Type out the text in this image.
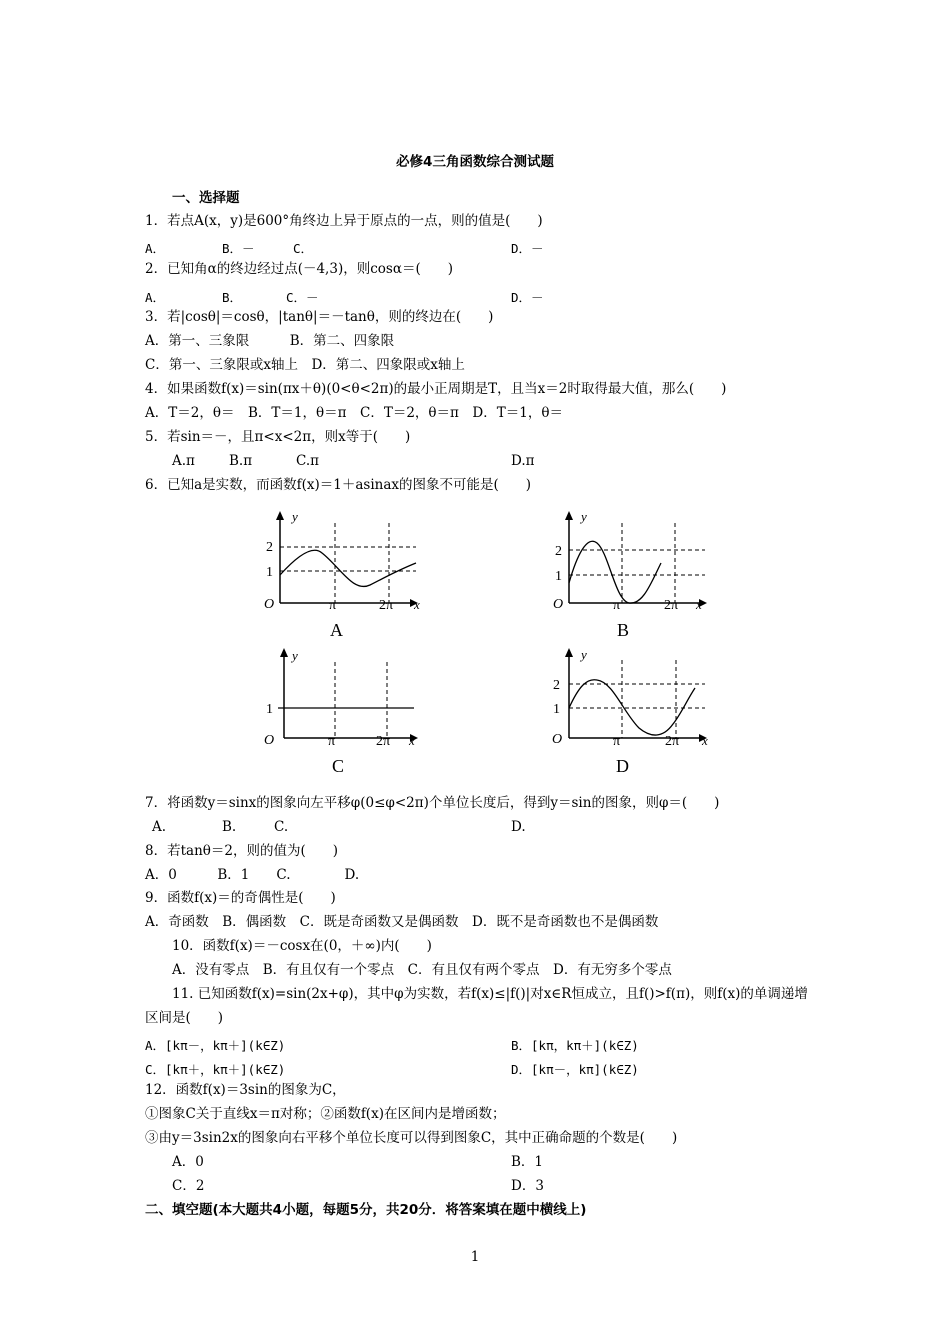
必修4三角函数综合测试题
一、选择题
1．若点A(x，y)是600°角终边上异于原点的一点，则的值是(　　)
A．	B．－	C．	D．－
2．已知角α的终边经过点(－4,3)，则cosα＝(　　)
A．	B．	C．－	D．－
3．若|cosθ|＝cosθ，|tanθ|＝－tanθ，则的终边在(　　)
A．第一、三象限　　　B．第二、四象限
C．第一、三象限或x轴上　D．第二、四象限或x轴上
4．如果函数f(x)＝sin(πx＋θ)(0<θ<2π)的最小正周期是T，且当x＝2时取得最大值，那么(　　)
A．T＝2，θ＝　B．T＝1，θ＝π　C．T＝2，θ＝π　D．T＝1，θ＝
5．若sin＝－，且π<x<2π，则x等于(　　)
A.π	B.π	C.π	D.π
6．已知a是实数，而函数f(x)＝1＋asinax的图象不可能是(　　)
y
2
1
O	π	2π x
A
y
2
1
O	π	2π x
B
y
1
O	π	2π x
C
y
2
1
O	π	2π x
D
7．将函数y＝sinx的图象向左平移φ(0≤φ<2π)个单位长度后，得到y＝sin的图象，则φ＝(　　)
A.	B.	C.	D.
8．若tanθ＝2，则的值为(　　)
A．0　　　B．1　　C.　　　　D.
9．函数f(x)＝的奇偶性是(　　)
A．奇函数　B．偶函数　C．既是奇函数又是偶函数　D．既不是奇函数也不是偶函数
10．函数f(x)＝－cosx在(0，＋∞)内(　　)
A．没有零点　B．有且仅有一个零点　C．有且仅有两个零点　D．有无穷多个零点
11. 已知函数f(x)=sin(2x+φ)，其中φ为实数，若f(x)≤|f()|对x∈R恒成立，且f()>f(π)，则f(x)的单调递增
区间是(　　)
A．[kπ－，kπ＋](k∈Z)	B．[kπ，kπ＋](k∈Z)
C．[kπ＋，kπ＋](k∈Z)	D．[kπ－，kπ](k∈Z)
12．函数f(x)＝3sin的图象为C，
①图象C关于直线x＝π对称；②函数f(x)在区间内是增函数；
③由y＝3sin2x的图象向右平移个单位长度可以得到图象C，其中正确命题的个数是(　　)
A．0	B．1
C．2	D．3
二、填空题(本大题共4小题，每题5分，共20分．将答案填在题中横线上)
1
